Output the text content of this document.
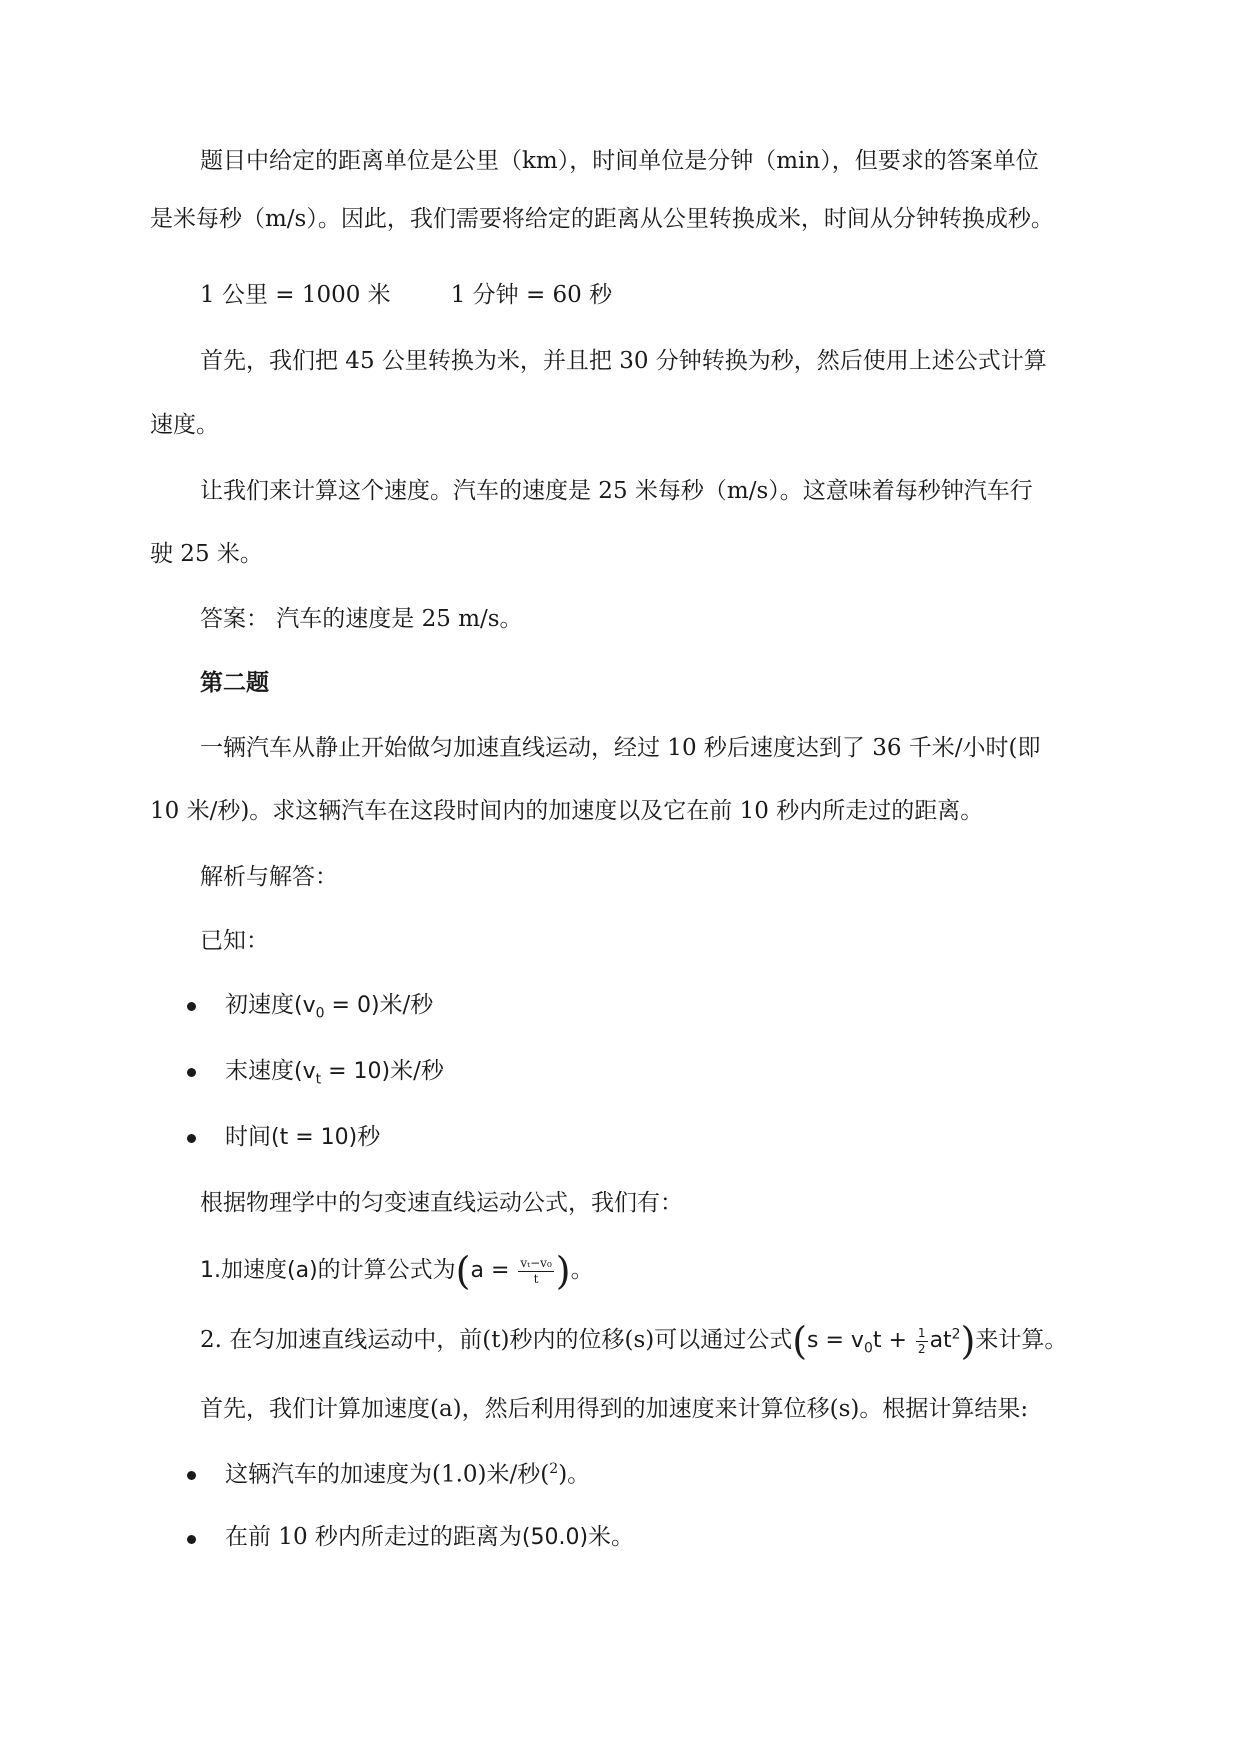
题目中给定的距离单位是公里（km），时间单位是分钟（min），但要求的答案单位
是米每秒（m/s）。因此，我们需要将给定的距离从公里转换成米，时间从分钟转换成秒。
1 公里 = 1000 米	1 分钟 = 60 秒
首先，我们把 45 公里转换为米，并且把 30 分钟转换为秒，然后使用上述公式计算
速度。
让我们来计算这个速度。汽车的速度是 25 米每秒（m/s）。这意味着每秒钟汽车行
驶 25 米。
答案： 汽车的速度是 25 m/s。
第二题
一辆汽车从静止开始做匀加速直线运动，经过 10 秒后速度达到了 36 千米/小时(即
10 米/秒)。求这辆汽车在这段时间内的加速度以及它在前 10 秒内所走过的距离。
解析与解答：
已知：
初速度$(v_0 = 0)$米/秒
末速度$(v_t = 10)$米/秒
时间(t = 10)秒
根据物理学中的匀变速直线运动公式，我们有：
1.加速度(a)的计算公式为($a = \frac{\text{vₜ−v₀}}{t}$ )。
2. 在匀加速直线运动中，前(t)秒内的位移(s)可以通过公式$(s = v_0t + \frac{1}{2} at^2)$来计算。
首先，我们计算加速度(a)，然后利用得到的加速度来计算位移(s)。根据计算结果:
这辆汽车的加速度为(1.0)米/秒($^2$)。
在前 10 秒内所走过的距离为(50.0)米。
